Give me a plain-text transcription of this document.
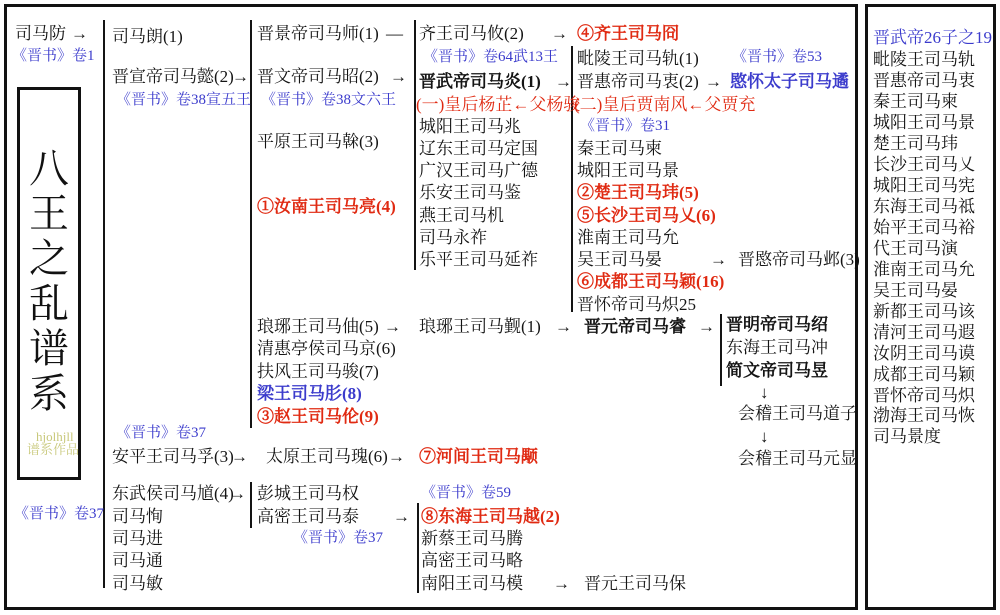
八
王
之
乱
谱
系
hjolhjll
谱系作品
司马防 →
《晋书》卷1
《晋书》卷37
司马朗(1)
晋宣帝司马懿(2)
→
《晋书》卷38宣五王
《晋书》卷37
安平王司马孚(3)
→
东武侯司马馗(4)
→
司马恂
司马进
司马通
司马敏
晋景帝司马师(1) —
晋文帝司马昭(2) →
《晋书》卷38文六王
平原王司马榦(3)
①汝南王司马亮(4)
琅琊王司马伷(5) →
清惠亭侯司马京(6)
扶风王司马骏(7)
梁王司马肜(8)
③赵王司马伦(9)
太原王司马瑰(6) →
彭城王司马权
高密王司马泰 →
《晋书》卷37
齐王司马攸(2) →
《晋书》卷64武13王
晋武帝司马炎(1) →
(一)皇后杨芷←父杨骏
城阳王司马兆
辽东王司马定国
广汉王司马广德
乐安王司马鉴
燕王司马机
司马永祚
乐平王司马延祚
琅琊王司马觐(1) →
⑦河间王司马颙
《晋书》卷59
⑧东海王司马越(2)
新蔡王司马腾
高密王司马略
南阳王司马模 → 晋元王司马保
④齐王司马冏
毗陵王司马轨(1) 《晋书》卷53
晋惠帝司马衷(2) → 愍怀太子司马遹
(二)皇后贾南风←父贾充
《晋书》卷31
秦王司马柬
城阳王司马景
②楚王司马玮(5)
⑤长沙王司马乂(6)
淮南王司马允
吴王司马晏	→ 晋愍帝司马邺(3)
⑥成都王司马颖(16)
晋怀帝司马炽25
晋元帝司马睿 → 晋明帝司马绍
东海王司马冲
简文帝司马昱
↓
会稽王司马道子
↓
会稽王司马元显
晋武帝26子之19
毗陵王司马轨
晋惠帝司马衷
秦王司马柬
城阳王司马景
楚王司马玮
长沙王司马乂
城阳王司马宪
东海王司马祗
始平王司马裕
代王司马演
淮南王司马允
吴王司马晏
新都王司马该
清河王司马遐
汝阴王司马谟
成都王司马颖
晋怀帝司马炽
渤海王司马恢
司马景度
